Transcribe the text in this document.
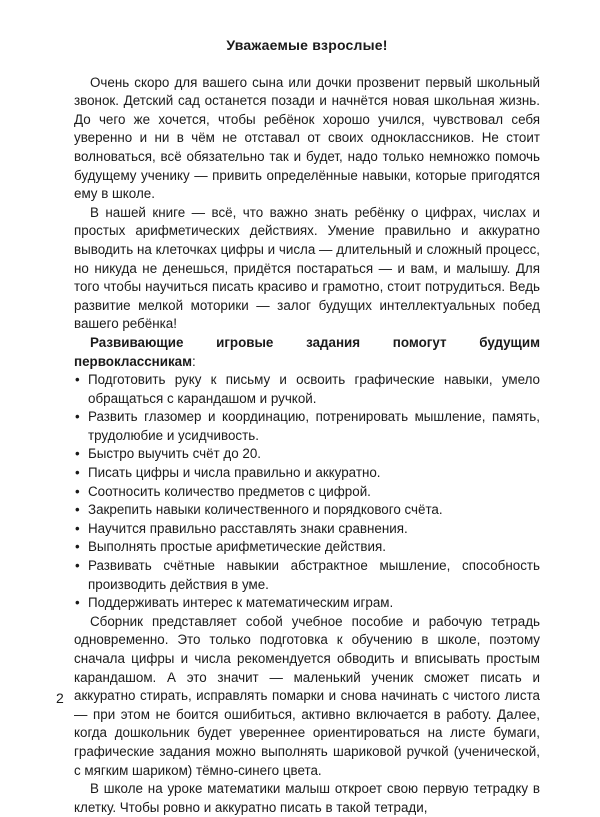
Уважаемые взрослые!

Очень скоро для вашего сына или дочки прозвенит первый школьный звонок. Детский сад останется позади и начнётся новая школьная жизнь. До чего же хочется, чтобы ребёнок хорошо учился, чувствовал себя уверенно и ни в чём не отставал от своих одноклассников. Не стоит волноваться, всё обязательно так и будет, надо только немножко помочь будущему ученику — привить определённые навыки, которые пригодятся ему в школе.

В нашей книге — всё, что важно знать ребёнку о цифрах, числах и простых арифметических действиях. Умение правильно и аккуратно выводить на клеточках цифры и числа — длительный и сложный процесс, но никуда не денешься, придётся постараться — и вам, и малышу. Для того чтобы научиться писать красиво и грамотно, стоит потрудиться. Ведь развитие мелкой моторики — залог будущих интеллектуальных побед вашего ребёнка!

Развивающие игровые задания помогут будущим первоклассникам:

• Подготовить руку к письму и освоить графические навыки, умело обращаться с карандашом и ручкой.
• Развить глазомер и координацию, потренировать мышление, память, трудолюбие и усидчивость.
• Быстро выучить счёт до 20.
• Писать цифры и числа правильно и аккуратно.
• Соотносить количество предметов с цифрой.
• Закрепить навыки количественного и порядкового счёта.
• Научится правильно расставлять знаки сравнения.
• Выполнять простые арифметические действия.
• Развивать счётные навыкии абстрактное мышление, способность производить действия в уме.
• Поддерживать интерес к математическим играм.

Сборник представляет собой учебное пособие и рабочую тетрадь одновременно. Это только подготовка к обучению в школе, поэтому сначала цифры и числа рекомендуется обводить и вписывать простым карандашом. А это значит — маленький ученик сможет писать и аккуратно стирать, исправлять помарки и снова начинать с чистого листа — при этом не боится ошибиться, активно включается в работу. Далее, когда дошкольник будет увереннее ориентироваться на листе бумаги, графические задания можно выполнять шариковой ручкой (ученической, с мягким шариком) тёмно-синего цвета.

В школе на уроке математики малыш откроет свою первую тетрадку в клетку. Чтобы ровно и аккуратно писать в такой тетради,

2
